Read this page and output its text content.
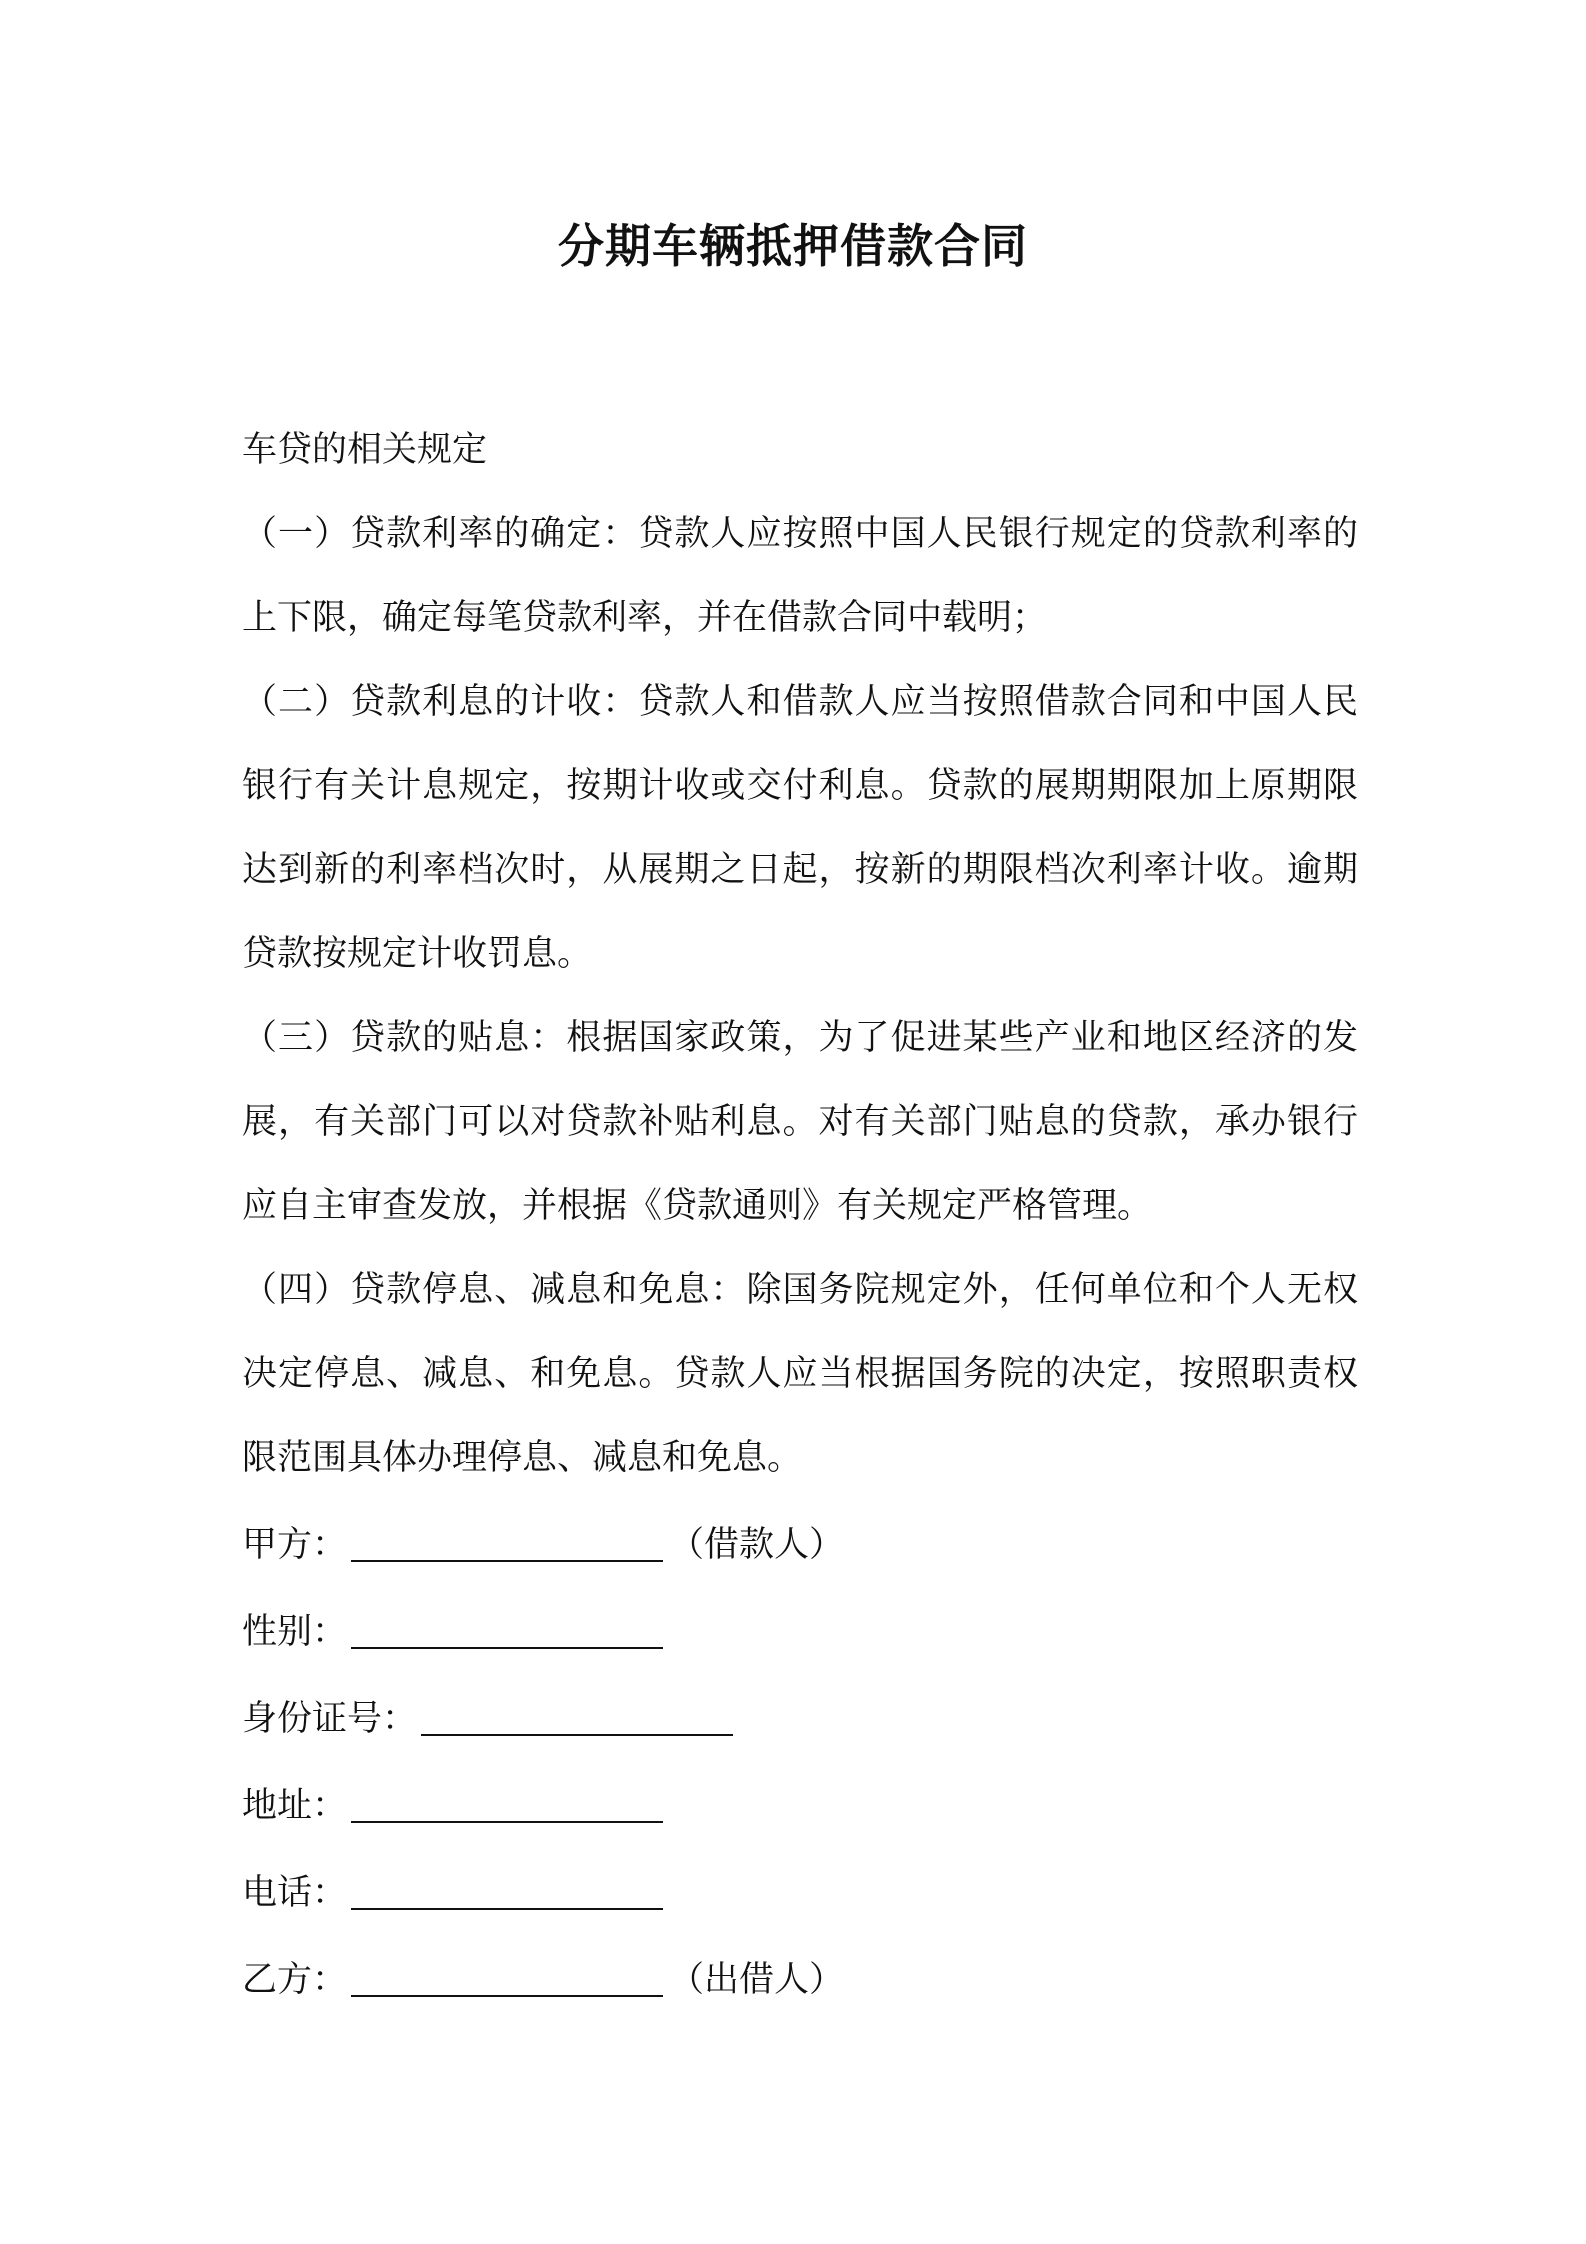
分期车辆抵押借款合同

车贷的相关规定

（一）贷款利率的确定：贷款人应按照中国人民银行规定的贷款利率的上下限，确定每笔贷款利率，并在借款合同中载明；

（二）贷款利息的计收：贷款人和借款人应当按照借款合同和中国人民银行有关计息规定，按期计收或交付利息。贷款的展期期限加上原期限达到新的利率档次时，从展期之日起，按新的期限档次利率计收。逾期贷款按规定计收罚息。

（三）贷款的贴息：根据国家政策，为了促进某些产业和地区经济的发展，有关部门可以对贷款补贴利息。对有关部门贴息的贷款，承办银行应自主审查发放，并根据《贷款通则》有关规定严格管理。

（四）贷款停息、减息和免息：除国务院规定外，任何单位和个人无权决定停息、减息、和免息。贷款人应当根据国务院的决定，按照职责权限范围具体办理停息、减息和免息。

甲方：	（借款人）

性别：

身份证号：

地址：

电话：

乙方：	（出借人）
